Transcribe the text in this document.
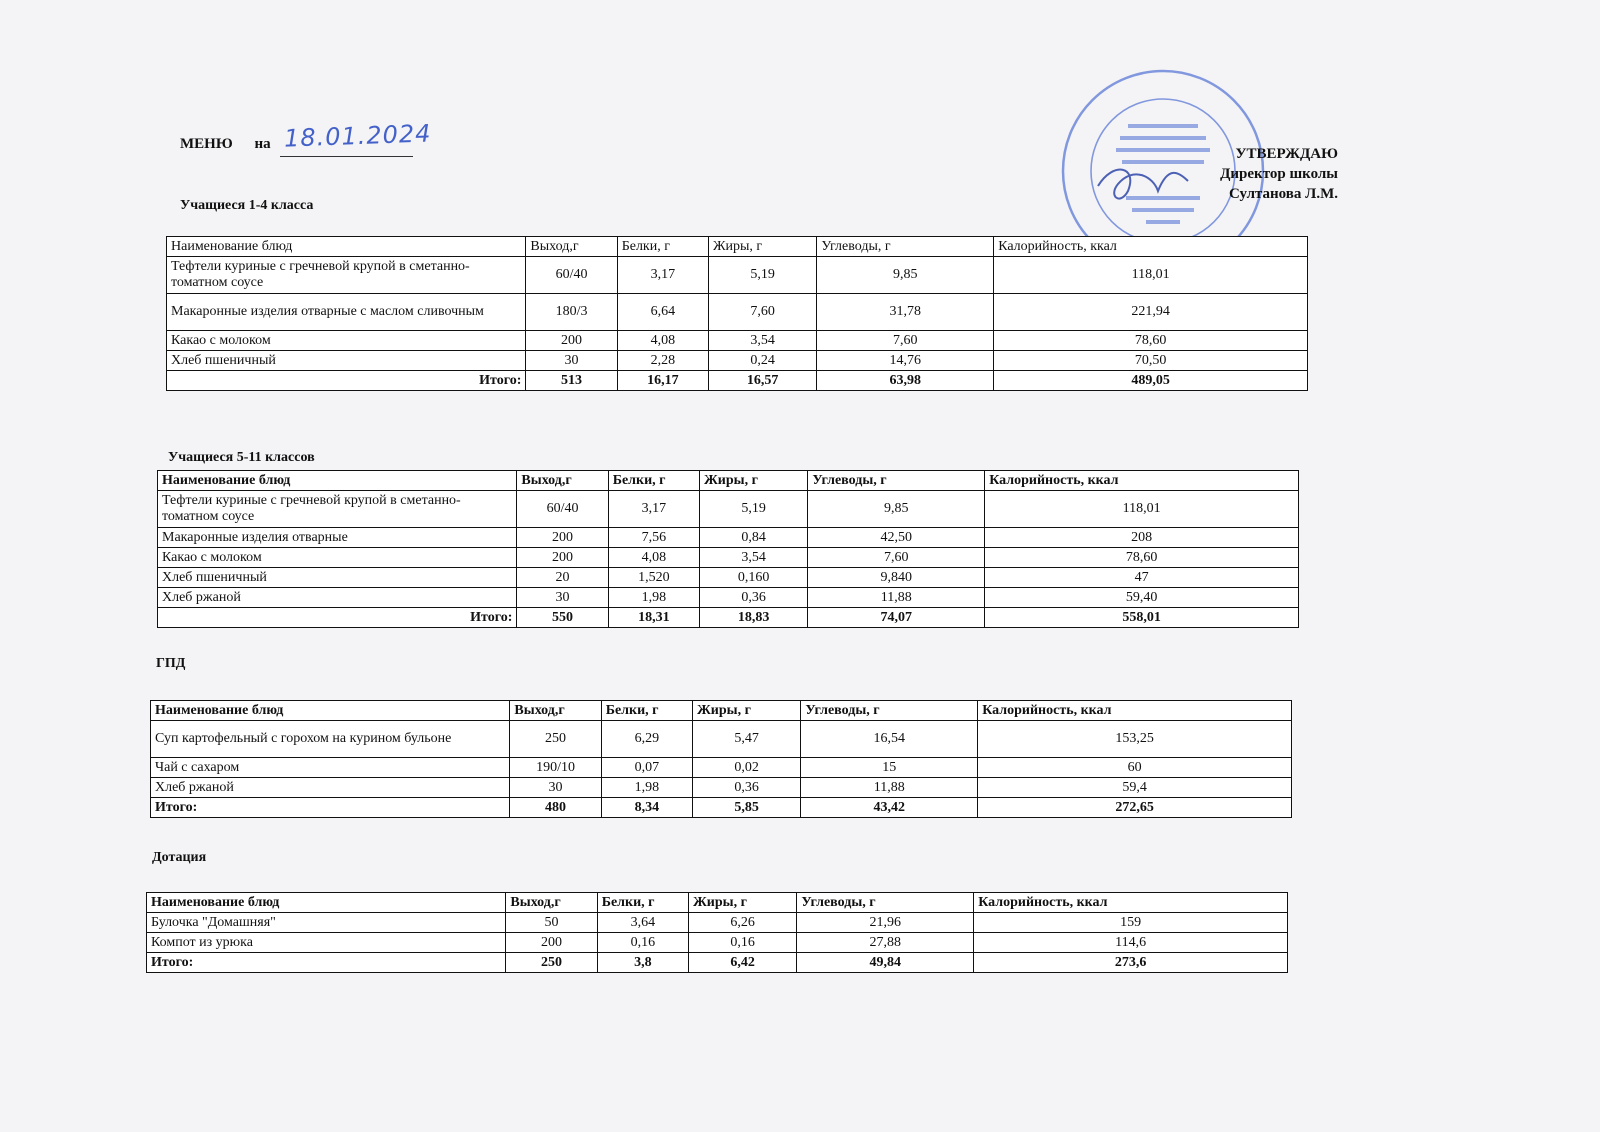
МЕНЮ на 18.01.2024
УТВЕРЖДАЮ
Директор школы
Султанова Л.М.
Учащиеся 1-4 класса
Наименование блюд	Выход,г	Белки, г	Жиры, г	Углеводы, г	Калорийность, ккал
Тефтели куриные с гречневой крупой в сметанно-томатном соусе	60/40	3,17	5,19	9,85	118,01
Макаронные изделия отварные с маслом сливочным	180/3	6,64	7,60	31,78	221,94
Какао с молоком	200	4,08	3,54	7,60	78,60
Хлеб пшеничный	30	2,28	0,24	14,76	70,50
Итого:	513	16,17	16,57	63,98	489,05
Учащиеся 5-11 классов
Наименование блюд	Выход,г	Белки, г	Жиры, г	Углеводы, г	Калорийность, ккал
Тефтели куриные с гречневой крупой в сметанно-томатном соусе	60/40	3,17	5,19	9,85	118,01
Макаронные изделия отварные	200	7,56	0,84	42,50	208
Какао с молоком	200	4,08	3,54	7,60	78,60
Хлеб пшеничный	20	1,520	0,160	9,840	47
Хлеб ржаной	30	1,98	0,36	11,88	59,40
Итого:	550	18,31	18,83	74,07	558,01
ГПД
Наименование блюд	Выход,г	Белки, г	Жиры, г	Углеводы, г	Калорийность, ккал
Суп картофельный с горохом на курином бульоне	250	6,29	5,47	16,54	153,25
Чай с сахаром	190/10	0,07	0,02	15	60
Хлеб ржаной	30	1,98	0,36	11,88	59,4
Итого:	480	8,34	5,85	43,42	272,65
Дотация
Наименование блюд	Выход,г	Белки, г	Жиры, г	Углеводы, г	Калорийность, ккал
Булочка "Домашняя"	50	3,64	6,26	21,96	159
Компот из урюка	200	0,16	0,16	27,88	114,6
Итого:	250	3,8	6,42	49,84	273,6
